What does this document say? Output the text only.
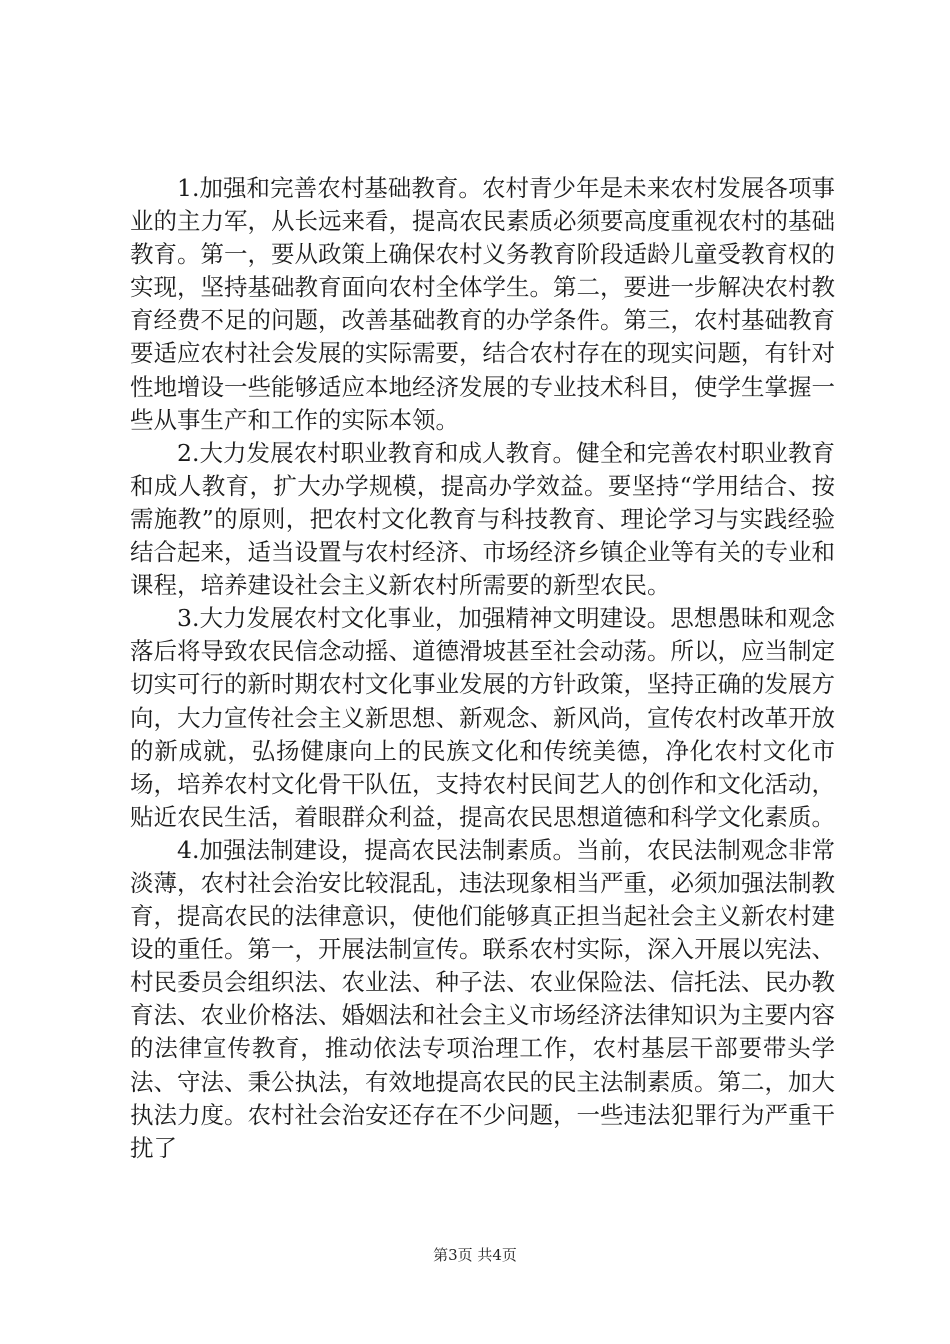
1.加强和完善农村基础教育。农村青少年是未来农村发展各项事业的主力军，从长远来看，提高农民素质必须要高度重视农村的基础教育。第一，要从政策上确保农村义务教育阶段适龄儿童受教育权的实现，坚持基础教育面向农村全体学生。第二，要进一步解决农村教育经费不足的问题，改善基础教育的办学条件。第三，农村基础教育要适应农村社会发展的实际需要，结合农村存在的现实问题，有针对性地增设一些能够适应本地经济发展的专业技术科目，使学生掌握一些从事生产和工作的实际本领。

2.大力发展农村职业教育和成人教育。健全和完善农村职业教育和成人教育，扩大办学规模，提高办学效益。要坚持“学用结合、按需施教”的原则，把农村文化教育与科技教育、理论学习与实践经验结合起来，适当设置与农村经济、市场经济乡镇企业等有关的专业和课程，培养建设社会主义新农村所需要的新型农民。

3.大力发展农村文化事业，加强精神文明建设。思想愚昧和观念落后将导致农民信念动摇、道德滑坡甚至社会动荡。所以，应当制定切实可行的新时期农村文化事业发展的方针政策，坚持正确的发展方向，大力宣传社会主义新思想、新观念、新风尚，宣传农村改革开放的新成就，弘扬健康向上的民族文化和传统美德，净化农村文化市场，培养农村文化骨干队伍，支持农村民间艺人的创作和文化活动，贴近农民生活，着眼群众利益，提高农民思想道德和科学文化素质。

4.加强法制建设，提高农民法制素质。当前，农民法制观念非常淡薄，农村社会治安比较混乱，违法现象相当严重，必须加强法制教育，提高农民的法律意识，使他们能够真正担当起社会主义新农村建设的重任。第一，开展法制宣传。联系农村实际，深入开展以宪法、村民委员会组织法、农业法、种子法、农业保险法、信托法、民办教育法、农业价格法、婚姻法和社会主义市场经济法律知识为主要内容的法律宣传教育，推动依法专项治理工作，农村基层干部要带头学法、守法、秉公执法，有效地提高农民的民主法制素质。第二，加大执法力度。农村社会治安还存在不少问题，一些违法犯罪行为严重干扰了

第3页 共4页
